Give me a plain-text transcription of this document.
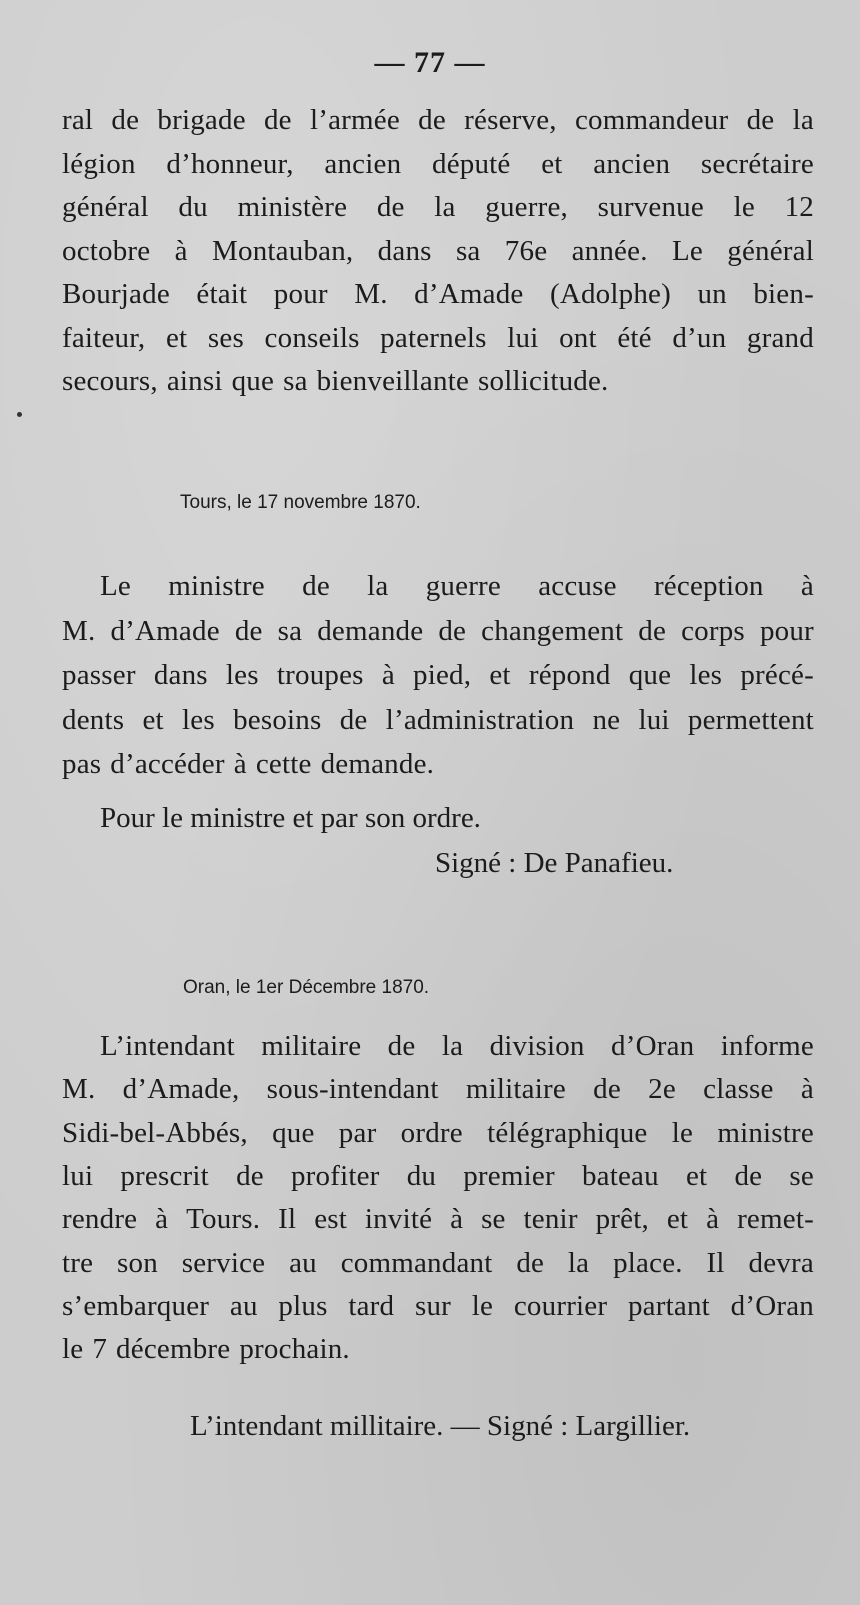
— 77 —
ral de brigade de l’armée de réserve, commandeur de la
légion d’honneur, ancien député et ancien secrétaire
général du ministère de la guerre, survenue le 12
octobre à Montauban, dans sa 76e année. Le général
Bourjade était pour M. d’Amade (Adolphe) un bien-
faiteur, et ses conseils paternels lui ont été d’un grand
secours, ainsi que sa bienveillante sollicitude.
Tours, le 17 novembre 1870.
Le ministre de la guerre accuse réception à
M. d’Amade de sa demande de changement de corps pour
passer dans les troupes à pied, et répond que les précé-
dents et les besoins de l’administration ne lui permettent
pas d’accéder à cette demande.
Pour le ministre et par son ordre.
Signé : De Panafieu.
Oran, le 1er Décembre 1870.
L’intendant militaire de la division d’Oran informe
M. d’Amade, sous-intendant militaire de 2e classe à
Sidi-bel-Abbés, que par ordre télégraphique le ministre
lui prescrit de profiter du premier bateau et de se
rendre à Tours. Il est invité à se tenir prêt, et à remet-
tre son service au commandant de la place. Il devra
s’embarquer au plus tard sur le courrier partant d’Oran
le 7 décembre prochain.
L’intendant millitaire. — Signé : Largillier.
